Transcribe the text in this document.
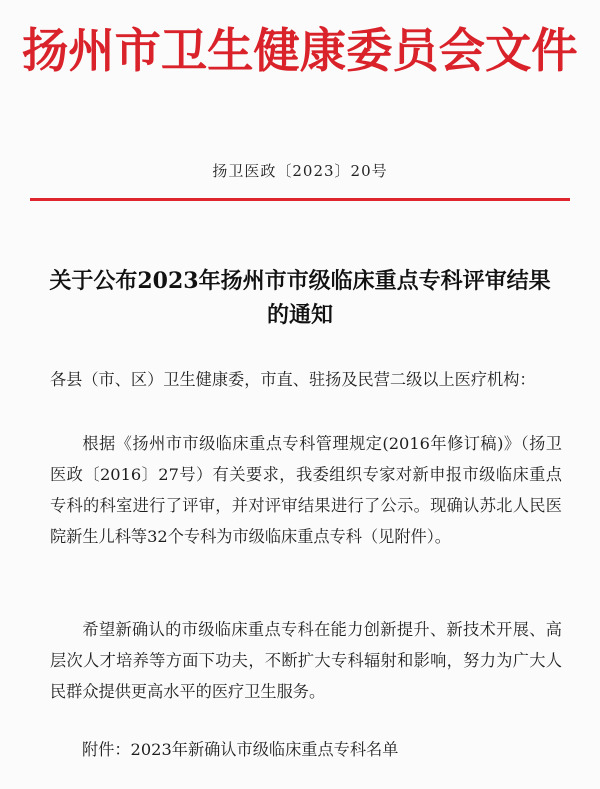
扬州市卫生健康委员会文件
扬卫医政〔2023〕20号
关于公布2023年扬州市市级临床重点专科评审结果的通知
各县（市、区）卫生健康委，市直、驻扬及民营二级以上医疗机构：
根据《扬州市市级临床重点专科管理规定(2016年修订稿)》（扬卫医政〔2016〕27号）有关要求，我委组织专家对新申报市级临床重点专科的科室进行了评审，并对评审结果进行了公示。现确认苏北人民医院新生儿科等32个专科为市级临床重点专科（见附件）。
希望新确认的市级临床重点专科在能力创新提升、新技术开展、高层次人才培养等方面下功夫，不断扩大专科辐射和影响，努力为广大人民群众提供更高水平的医疗卫生服务。
附件：2023年新确认市级临床重点专科名单
